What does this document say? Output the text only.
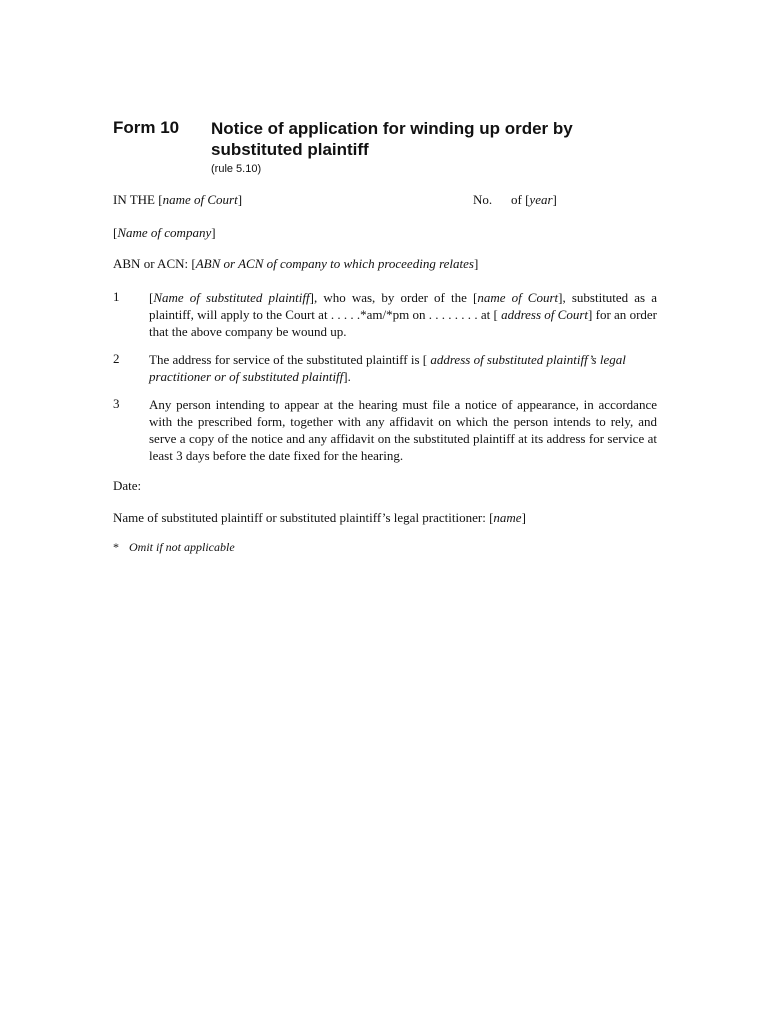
Form 10 Notice of application for winding up order by substituted plaintiff
(rule 5.10)
IN THE [name of Court]	No. of [year]
[Name of company]
ABN or ACN: [ABN or ACN of company to which proceeding relates]
1 [Name of substituted plaintiff], who was, by order of the [name of Court], substituted as a plaintiff, will apply to the Court at . . . . .*am/*pm on . . . . . . . . at [ address of Court] for an order that the above company be wound up.
2 The address for service of the substituted plaintiff is [ address of substituted plaintiff’s legal practitioner or of substituted plaintiff].
3 Any person intending to appear at the hearing must file a notice of appearance, in accordance with the prescribed form, together with any affidavit on which the person intends to rely, and serve a copy of the notice and any affidavit on the substituted plaintiff at its address for service at least 3 days before the date fixed for the hearing.
Date:
Name of substituted plaintiff or substituted plaintiff’s legal practitioner: [name]
* Omit if not applicable
